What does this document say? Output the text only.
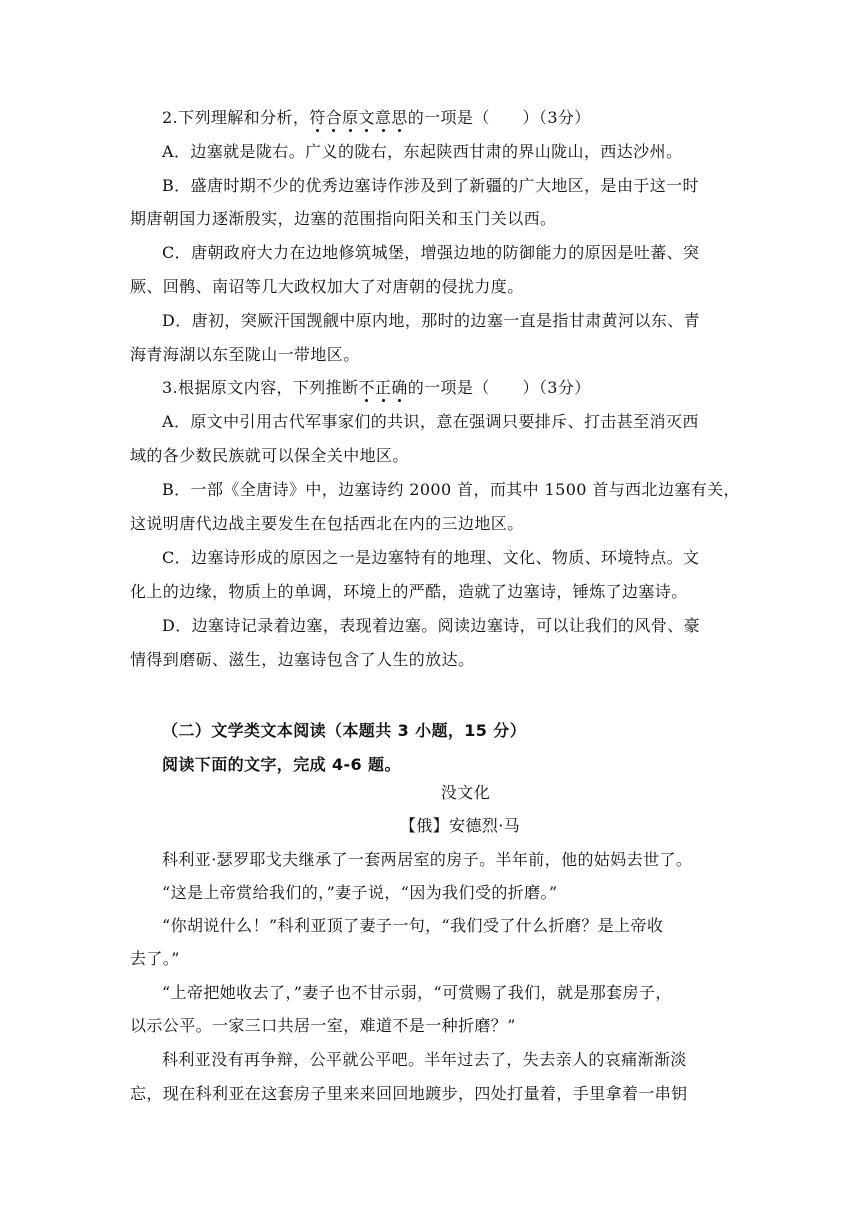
2.下列理解和分析，符合原文意思的一项是（　　）（3分）
A．边塞就是陇右。广义的陇右，东起陕西甘肃的界山陇山，西达沙州。
B．盛唐时期不少的优秀边塞诗作涉及到了新疆的广大地区，是由于这一时
期唐朝国力逐渐殷实，边塞的范围指向阳关和玉门关以西。
C．唐朝政府大力在边地修筑城堡，增强边地的防御能力的原因是吐蕃、突
厥、回鹘、南诏等几大政权加大了对唐朝的侵扰力度。
D．唐初，突厥汗国觊觎中原内地，那时的边塞一直是指甘肃黄河以东、青
海青海湖以东至陇山一带地区。
3.根据原文内容，下列推断不正确的一项是（　　）（3分）
A．原文中引用古代军事家们的共识，意在强调只要排斥、打击甚至消灭西
域的各少数民族就可以保全关中地区。
B．一部《全唐诗》中，边塞诗约 2000 首，而其中 1500 首与西北边塞有关，
这说明唐代边战主要发生在包括西北在内的三边地区。
C．边塞诗形成的原因之一是边塞特有的地理、文化、物质、环境特点。文
化上的边缘，物质上的单调，环境上的严酷，造就了边塞诗，锤炼了边塞诗。
D．边塞诗记录着边塞，表现着边塞。阅读边塞诗，可以让我们的风骨、豪
情得到磨砺、滋生，边塞诗包含了人生的放达。
（二）文学类文本阅读（本题共 3 小题，15 分）
阅读下面的文字，完成 4-6 题。
没文化
【俄】安德烈·马
科利亚·瑟罗耶戈夫继承了一套两居室的房子。半年前，他的姑妈去世了。
“这是上帝赏给我们的，”妻子说，“因为我们受的折磨。”
“你胡说什么！”科利亚顶了妻子一句，“我们受了什么折磨？是上帝收
去了。”
“上帝把她收去了，”妻子也不甘示弱，“可赏赐了我们，就是那套房子，
以示公平。一家三口共居一室，难道不是一种折磨？”
科利亚没有再争辩，公平就公平吧。半年过去了，失去亲人的哀痛渐渐淡
忘，现在科利亚在这套房子里来来回回地踱步，四处打量着，手里拿着一串钥
